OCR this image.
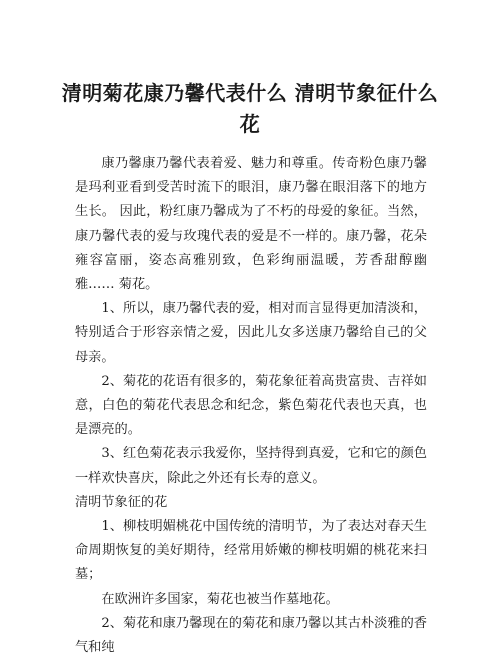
清明菊花康乃馨代表什么 清明节象征什么花

康乃馨康乃馨代表着爱、魅力和尊重。传奇粉色康乃馨是玛利亚看到受苦时流下的眼泪，康乃馨在眼泪落下的地方生长。 因此，粉红康乃馨成为了不朽的母爱的象征。当然，康乃馨代表的爱与玫瑰代表的爱是不一样的。康乃馨，花朵雍容富丽，姿态高雅别致，色彩绚丽温暖，芳香甜醇幽雅…… 菊花。

1、所以，康乃馨代表的爱，相对而言显得更加清淡和，特别适合于形容亲情之爱，因此儿女多送康乃馨给自己的父母亲。

2、菊花的花语有很多的，菊花象征着高贵富贵、吉祥如意，白色的菊花代表思念和纪念，紫色菊花代表也天真，也是漂亮的。

3、红色菊花表示我爱你，坚持得到真爱，它和它的颜色一样欢快喜庆，除此之外还有长寿的意义。

清明节象征的花

1、柳枝明媚桃花中国传统的清明节，为了表达对春天生命周期恢复的美好期待，经常用娇嫩的柳枝明媚的桃花来扫墓；

在欧洲许多国家，菊花也被当作墓地花。

2、菊花和康乃馨现在的菊花和康乃馨以其古朴淡雅的香气和纯
